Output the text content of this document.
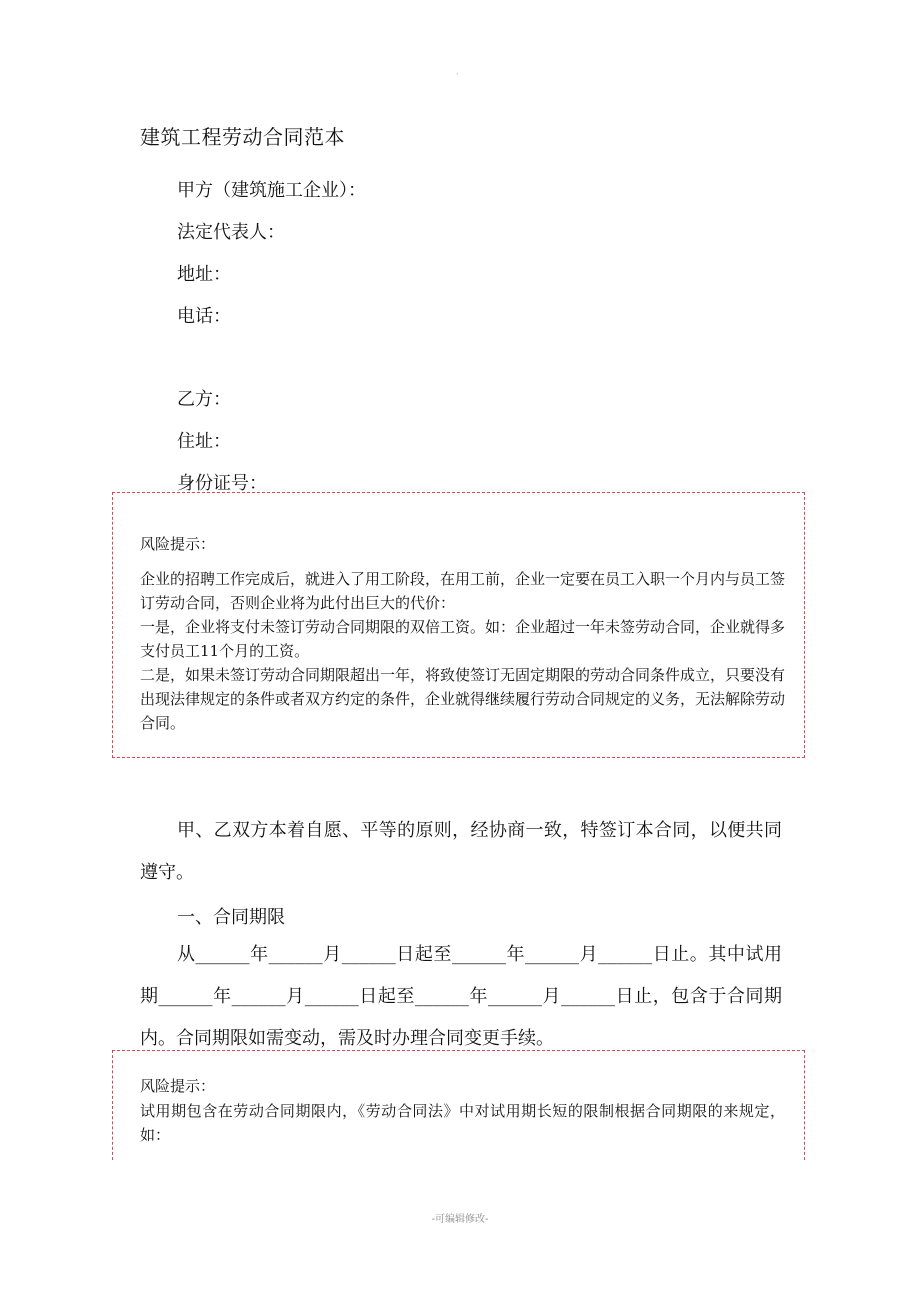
·
建筑工程劳动合同范本
甲方（建筑施工企业）：
法定代表人：
地址：
电话：
乙方：
住址：
身份证号：
风险提示：
企业的招聘工作完成后，就进入了用工阶段，在用工前，企业一定要在员工入职一个月内与员工签订劳动合同，否则企业将为此付出巨大的代价：
一是，企业将支付未签订劳动合同期限的双倍工资。如：企业超过一年未签劳动合同，企业就得多支付员工11个月的工资。
二是，如果未签订劳动合同期限超出一年，将致使签订无固定期限的劳动合同条件成立，只要没有出现法律规定的条件或者双方约定的条件，企业就得继续履行劳动合同规定的义务，无法解除劳动合同。
甲、乙双方本着自愿、平等的原则，经协商一致，特签订本合同，以便共同遵守。
一、合同期限
从______年______月______日起至______年______月______日止。其中试用期______年______月______日起至______年______月______日止，包含于合同期内。合同期限如需变动，需及时办理合同变更手续。
风险提示：
试用期包含在劳动合同期限内，《劳动合同法》中对试用期长短的限制根据合同期限的来规定，如：
-可编辑修改-
